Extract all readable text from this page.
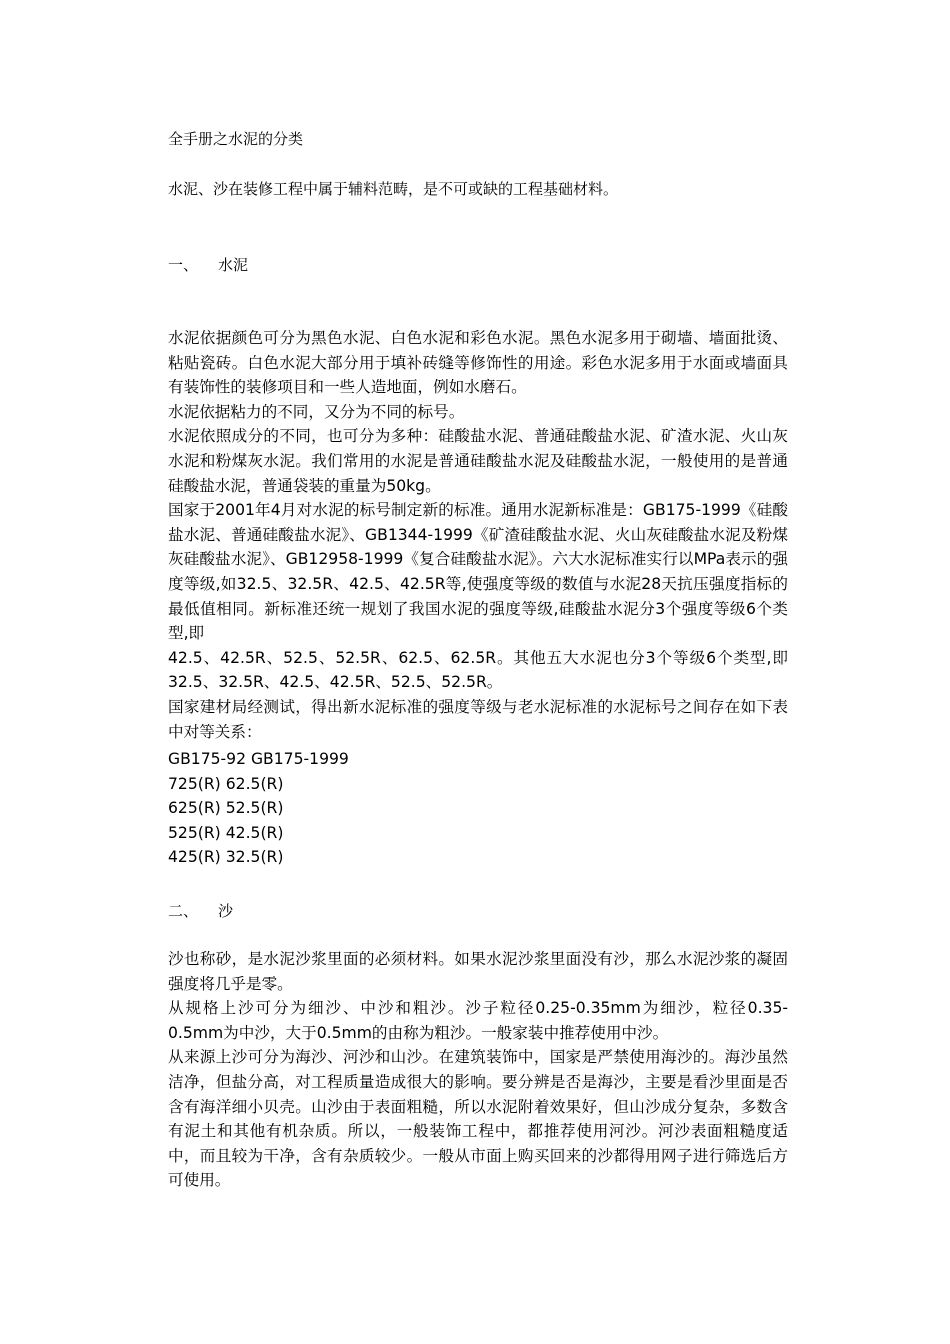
全手册之水泥的分类
水泥、沙在装修工程中属于辅料范畴，是不可或缺的工程基础材料。
一、 水泥

水泥依据颜色可分为黑色水泥、白色水泥和彩色水泥。黑色水泥多用于砌墙、墙面批烫、粘贴瓷砖。白色水泥大部分用于填补砖缝等修饰性的用途。彩色水泥多用于水面或墙面具有装饰性的装修项目和一些人造地面，例如水磨石。

水泥依据粘力的不同，又分为不同的标号。

水泥依照成分的不同，也可分为多种：硅酸盐水泥、普通硅酸盐水泥、矿渣水泥、火山灰水泥和粉煤灰水泥。我们常用的水泥是普通硅酸盐水泥及硅酸盐水泥，一般使用的是普通硅酸盐水泥，普通袋装的重量为50kg。

国家于2001年4月对水泥的标号制定新的标准。通用水泥新标准是：GB175-1999《硅酸盐水泥、普通硅酸盐水泥》、GB1344-1999《矿渣硅酸盐水泥、火山灰硅酸盐水泥及粉煤灰硅酸盐水泥》、GB12958-1999《复合硅酸盐水泥》。六大水泥标准实行以MPa表示的强度等级,如32.5、32.5R、42.5、42.5R等,使强度等级的数值与水泥28天抗压强度指标的最低值相同。新标准还统一规划了我国水泥的强度等级,硅酸盐水泥分3个强度等级6个类型,即

42.5、42.5R、52.5、52.5R、62.5、62.5R。其他五大水泥也分3个等级6个类型,即32.5、32.5R、42.5、42.5R、52.5、52.5R。

国家建材局经测试，得出新水泥标准的强度等级与老水泥标准的水泥标号之间存在如下表中对等关系：

GB175-92 GB175-1999
725(R) 62.5(R)
625(R) 52.5(R)
525(R) 42.5(R)
425(R) 32.5(R)
二、 沙

沙也称砂，是水泥沙浆里面的必须材料。如果水泥沙浆里面没有沙，那么水泥沙浆的凝固强度将几乎是零。

从规格上沙可分为细沙、中沙和粗沙。沙子粒径0.25-0.35mm为细沙，粒径0.35-0.5mm为中沙，大于0.5mm的由称为粗沙。一般家装中推荐使用中沙。

从来源上沙可分为海沙、河沙和山沙。在建筑装饰中，国家是严禁使用海沙的。海沙虽然洁净，但盐分高，对工程质量造成很大的影响。要分辨是否是海沙，主要是看沙里面是否含有海洋细小贝壳。山沙由于表面粗糙，所以水泥附着效果好，但山沙成分复杂，多数含有泥土和其他有机杂质。所以，一般装饰工程中，都推荐使用河沙。河沙表面粗糙度适中，而且较为干净，含有杂质较少。一般从市面上购买回来的沙都得用网子进行筛选后方可使用。
